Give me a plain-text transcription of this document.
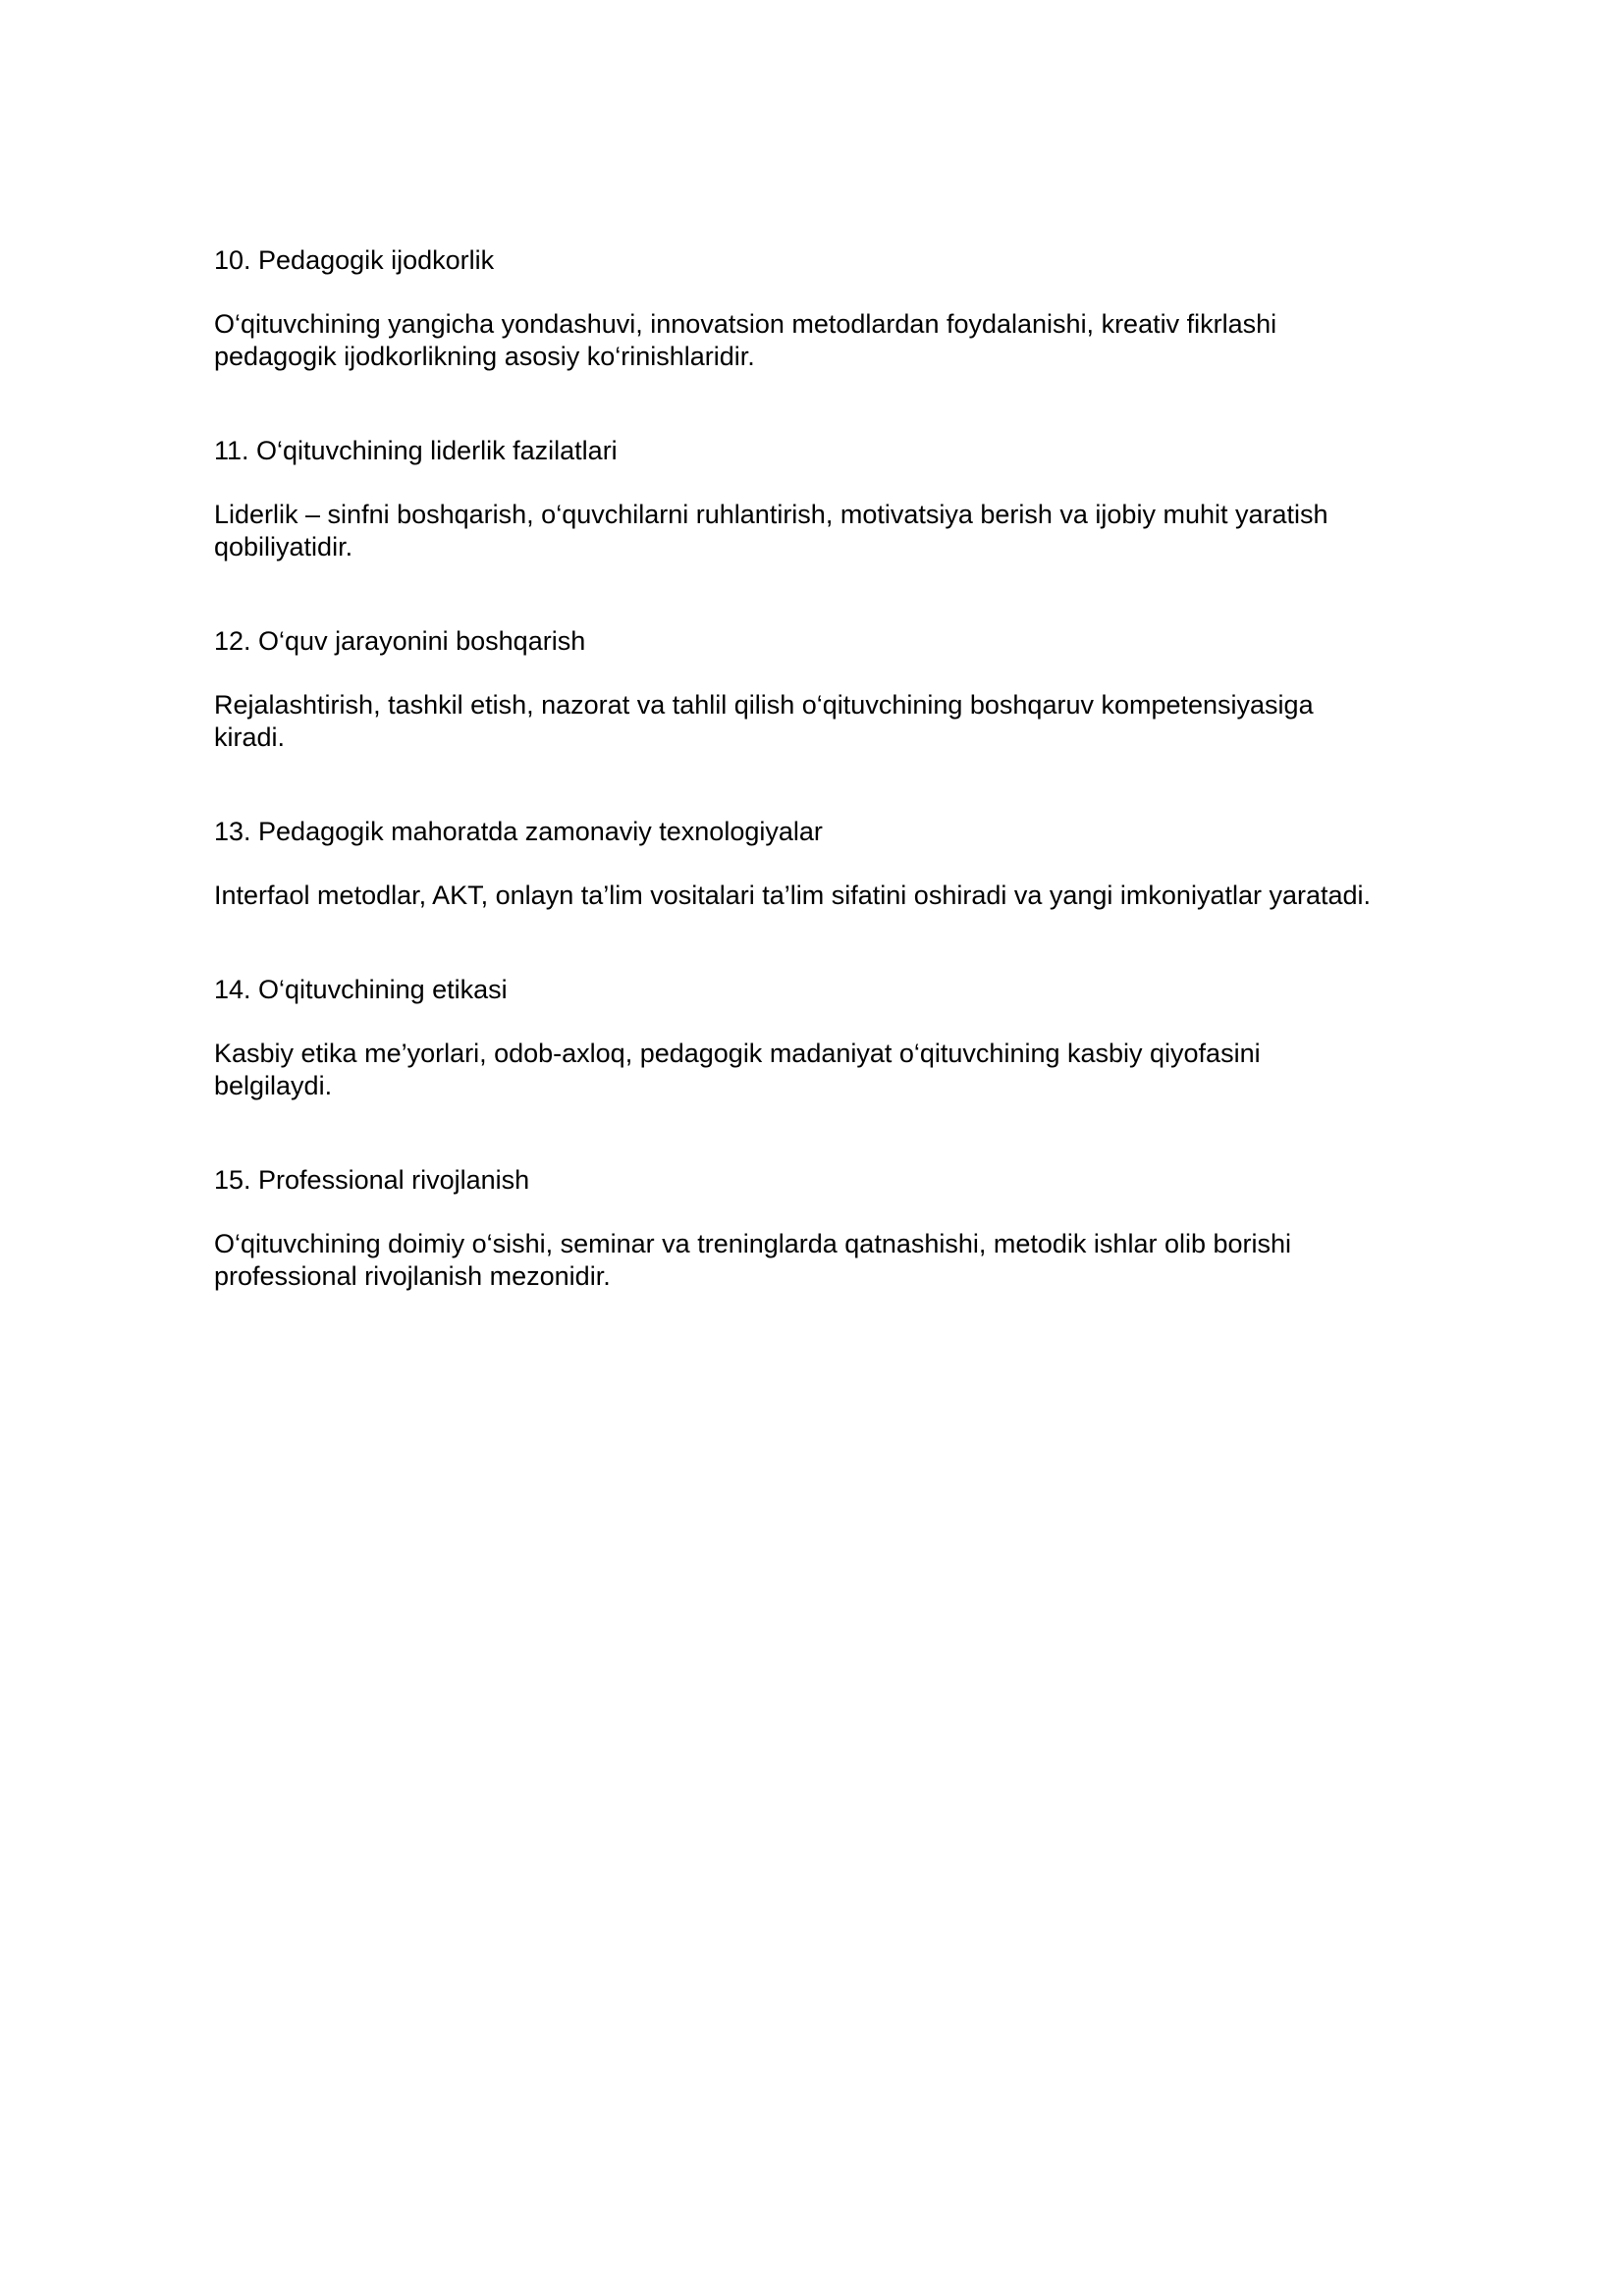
10. Pedagogik ijodkorlik

O‘qituvchining yangicha yondashuvi, innovatsion metodlardan foydalanishi, kreativ fikrlashi
pedagogik ijodkorlikning asosiy ko‘rinishlaridir.

11. O‘qituvchining liderlik fazilatlari

Liderlik – sinfni boshqarish, o‘quvchilarni ruhlantirish, motivatsiya berish va ijobiy muhit yaratish
qobiliyatidir.

12. O‘quv jarayonini boshqarish

Rejalashtirish, tashkil etish, nazorat va tahlil qilish o‘qituvchining boshqaruv kompetensiyasiga
kiradi.

13. Pedagogik mahoratda zamonaviy texnologiyalar

Interfaol metodlar, AKT, onlayn ta’lim vositalari ta’lim sifatini oshiradi va yangi imkoniyatlar yaratadi.

14. O‘qituvchining etikasi

Kasbiy etika me’yorlari, odob-axloq, pedagogik madaniyat o‘qituvchining kasbiy qiyofasini
belgilaydi.

15. Professional rivojlanish

O‘qituvchining doimiy o‘sishi, seminar va treninglarda qatnashishi, metodik ishlar olib borishi
professional rivojlanish mezonidir.
